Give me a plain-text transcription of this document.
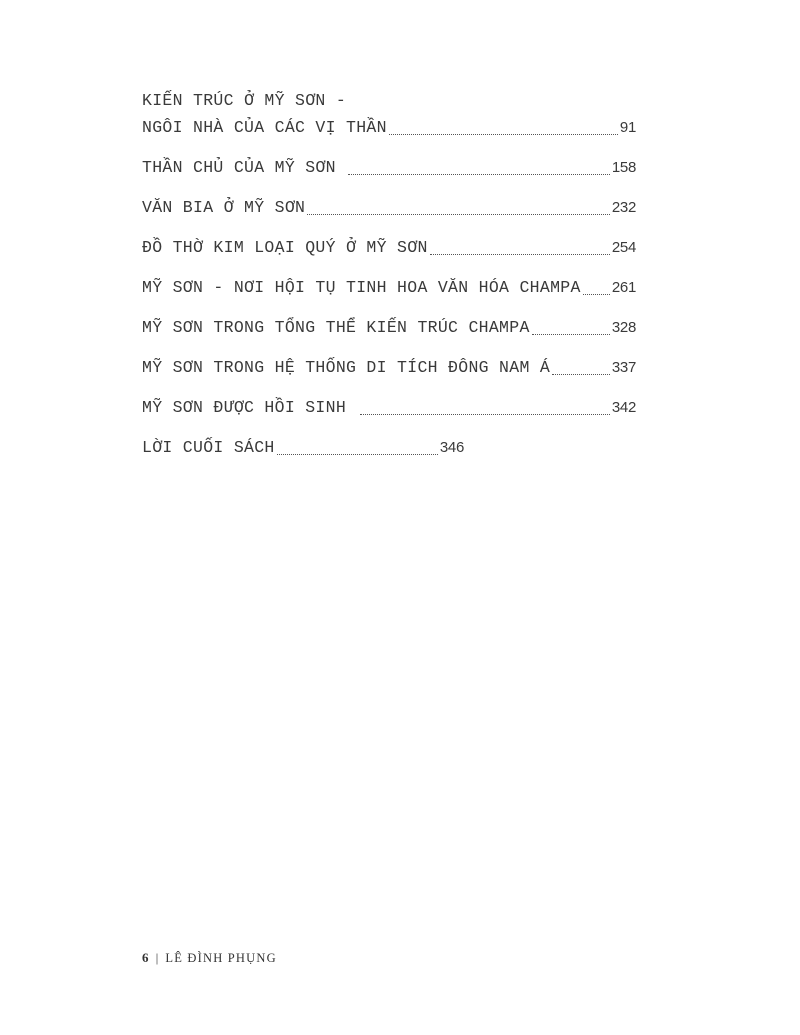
KIẾN TRÚC Ở MỸ SƠN -
NGÔI NHÀ CỦA CÁC VỊ THẦN	91
THẦN CHỦ CỦA MỸ SƠN	158
VĂN BIA Ở MỸ SƠN	232
ĐỒ THỜ KIM LOẠI QUÝ Ở MỸ SƠN	254
MỸ SƠN - NƠI HỘI TỤ TINH HOA VĂN HÓA CHAMPA 261
MỸ SƠN TRONG TỔNG THỂ KIẾN TRÚC CHAMPA	328
MỸ SƠN TRONG HỆ THỐNG DI TÍCH ĐÔNG NAM Á	337
MỸ SƠN ĐƯỢC HỒI SINH	342
LỜI CUỐI SÁCH	346
6 | LÊ ĐÌNH PHỤNG
